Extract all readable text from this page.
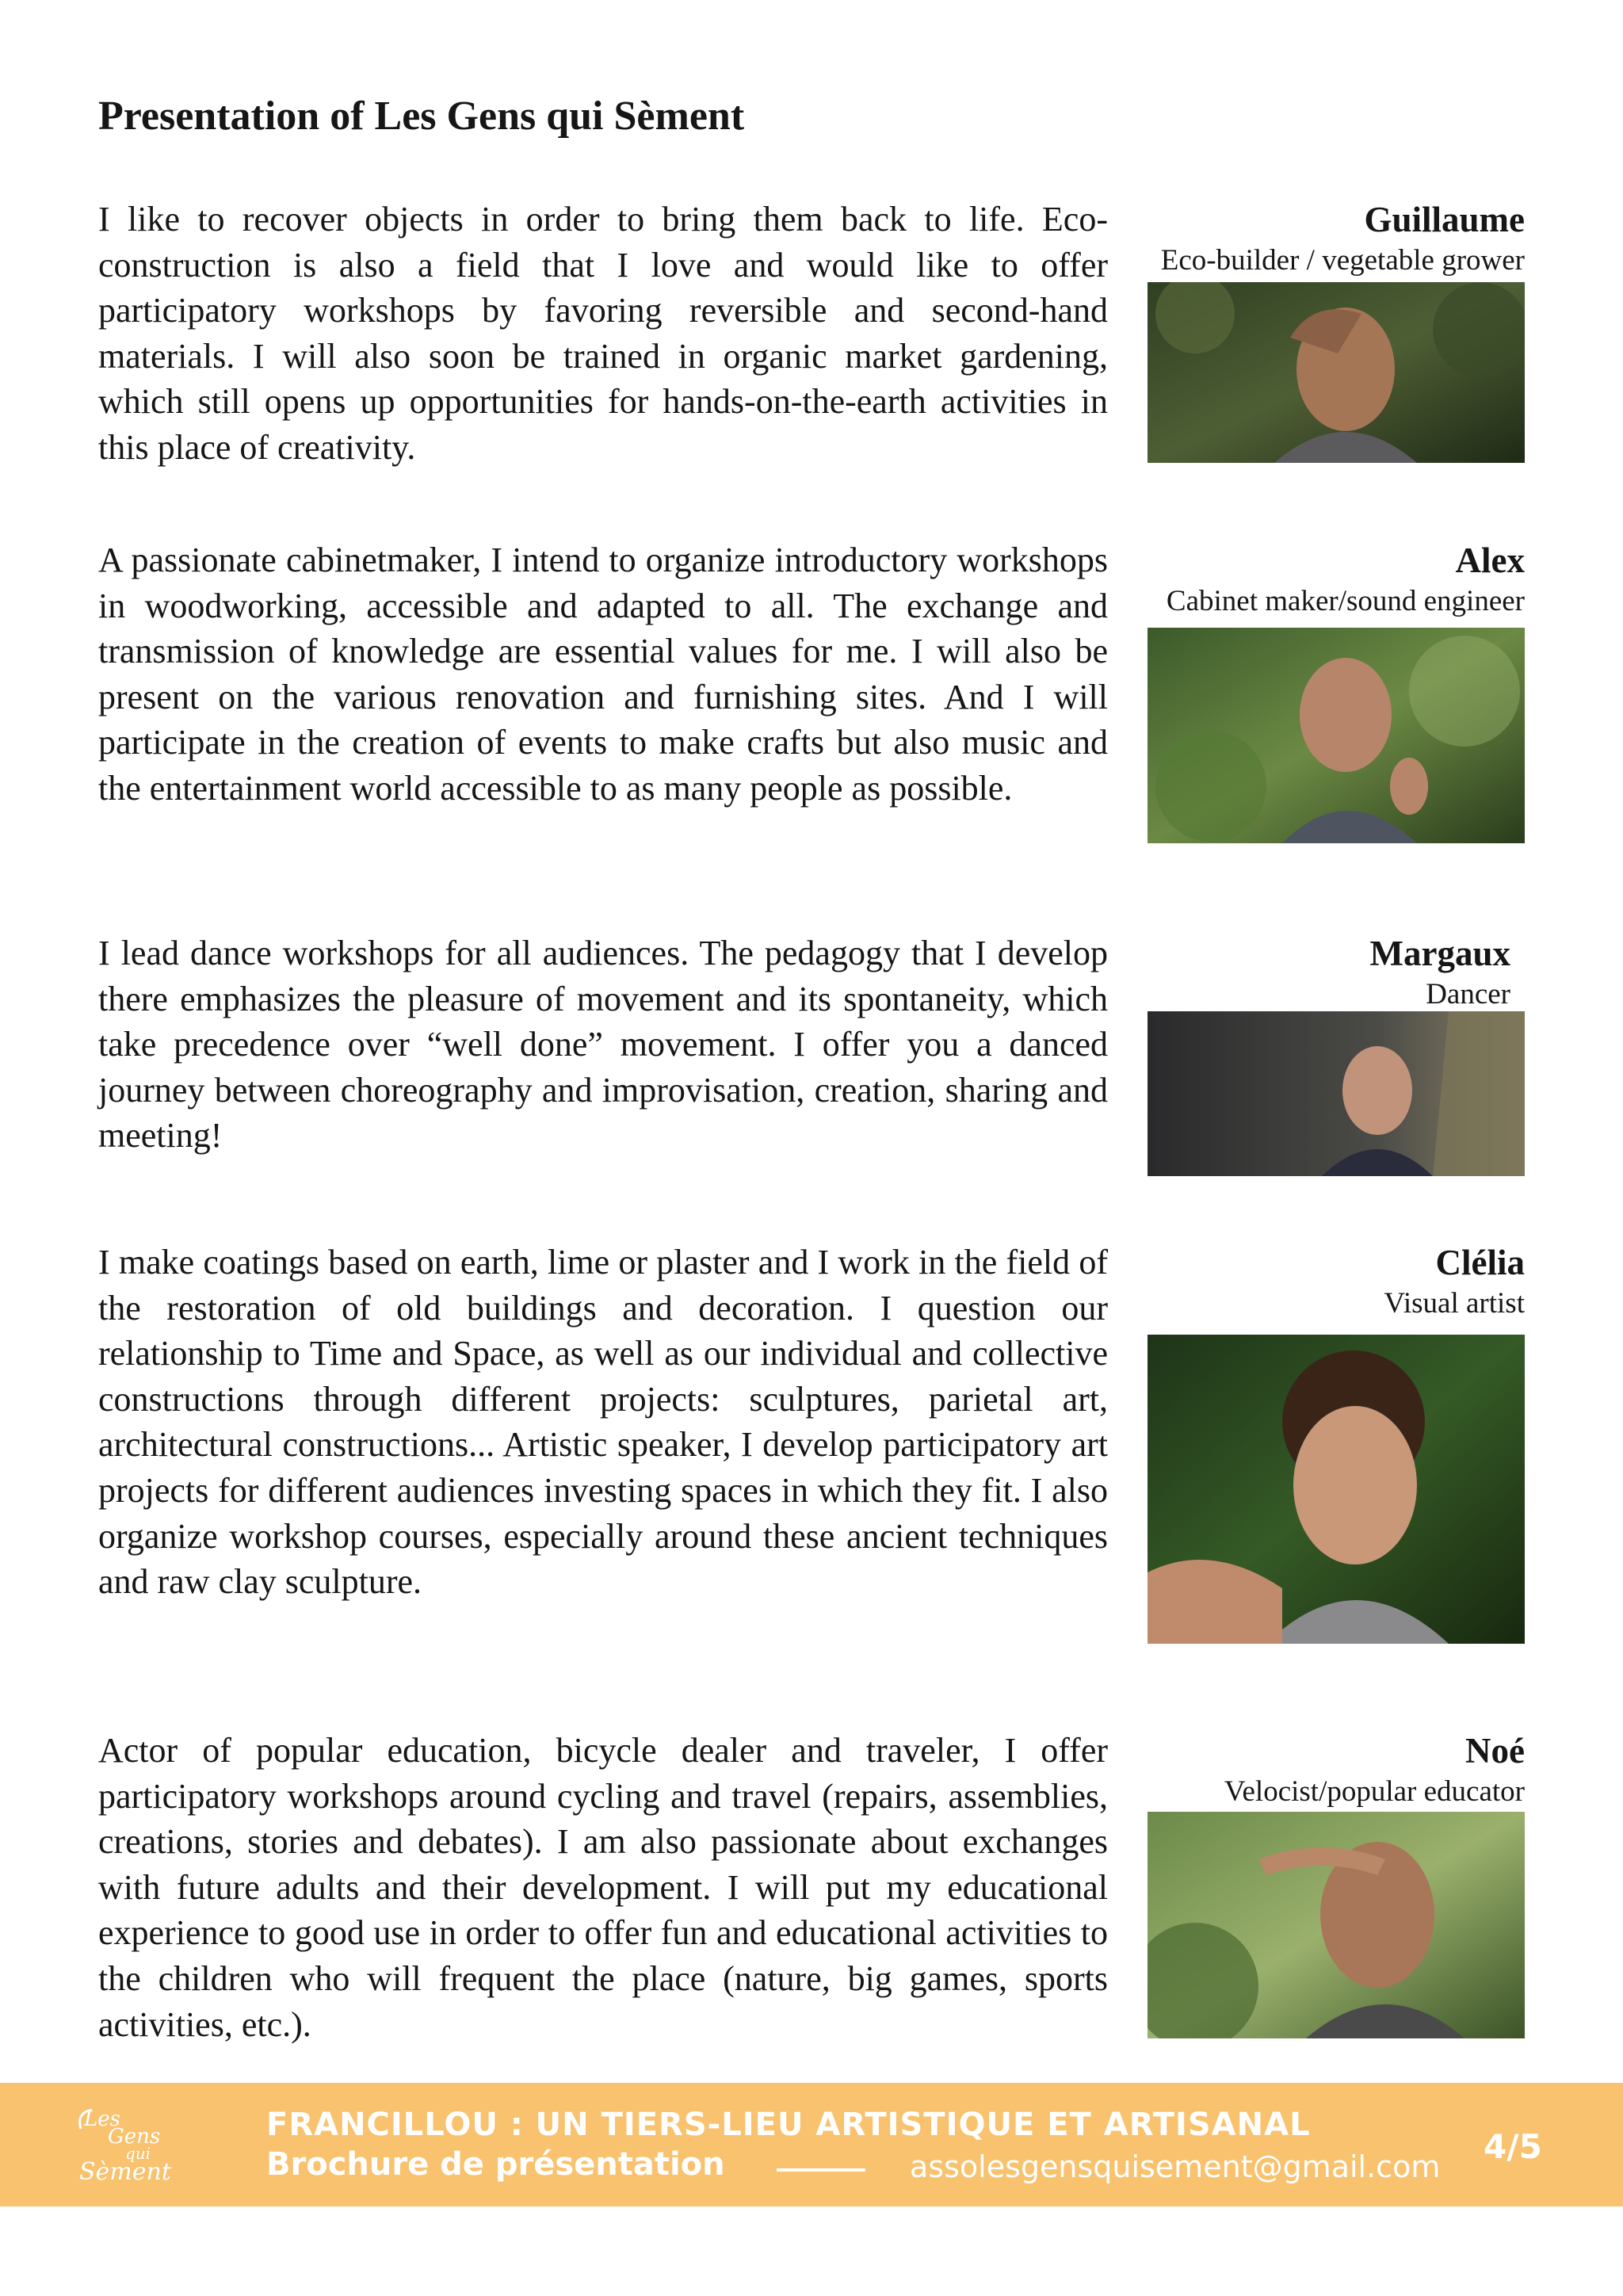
Presentation of Les Gens qui Sèment

I like to recover objects in order to bring them back to life. Eco-construction is also a field that I love and would like to offer participatory workshops by favoring reversible and second-hand materials. I will also soon be trained in organic market gardening, which still opens up opportunities for hands-on-the-earth activities in this place of creativity.

Guillaume
Eco-builder / vegetable grower

A passionate cabinetmaker, I intend to organize introductory workshops in woodworking, accessible and adapted to all. The exchange and transmission of knowledge are essential values for me. I will also be present on the various renovation and furnishing sites. And I will participate in the creation of events to make crafts but also music and the entertainment world accessible to as many people as possible.

Alex
Cabinet maker/sound engineer

I lead dance workshops for all audiences. The pedagogy that I develop there emphasizes the pleasure of movement and its spontaneity, which take precedence over “well done” movement. I offer you a danced journey between choreography and improvisation, creation, sharing and meeting!

Margaux
Dancer

I make coatings based on earth, lime or plaster and I work in the field of the restoration of old buildings and decoration. I question our relationship to Time and Space, as well as our individual and collective constructions through different projects: sculptures, parietal art, architectural constructions... Artistic speaker, I develop participatory art projects for different audiences investing spaces in which they fit. I also organize workshop courses, especially around these ancient techniques and raw clay sculpture.

Clélia
Visual artist

Actor of popular education, bicycle dealer and traveler, I offer participatory workshops around cycling and travel (repairs, assemblies, creations, stories and debates). I am also passionate about exchanges with future adults and their development. I will put my educational experience to good use in order to offer fun and educational activities to the children who will frequent the place (nature, big games, sports activities, etc.).

Noé
Velocist/popular educator
Les
Gens
qui
Sèment
FRANCILLOU : UN TIERS-LIEU ARTISTIQUE ET ARTISANAL
Brochure de présentation	assolesgensquisement@gmail.com
4/5
